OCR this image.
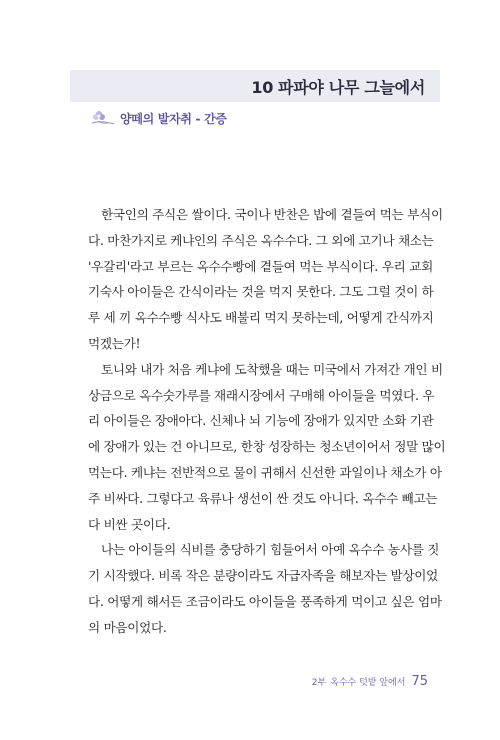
10 파파야 나무 그늘에서
양떼의 발자취 - 간증

한국인의 주식은 쌀이다. 국이나 반찬은 밥에 곁들여 먹는 부식이
다. 마찬가지로 케냐인의 주식은 옥수수다. 그 외에 고기나 채소는
'우갈리'라고 부르는 옥수수빵에 곁들여 먹는 부식이다. 우리 교회
기숙사 아이들은 간식이라는 것을 먹지 못한다. 그도 그럴 것이 하
루 세 끼 옥수수빵 식사도 배불리 먹지 못하는데, 어떻게 간식까지
먹겠는가!

토니와 내가 처음 케냐에 도착했을 때는 미국에서 가져간 개인 비
상금으로 옥수숫가루를 재래시장에서 구매해 아이들을 먹였다. 우
리 아이들은 장애아다. 신체나 뇌 기능에 장애가 있지만 소화 기관
에 장애가 있는 건 아니므로, 한창 성장하는 청소년이어서 정말 많이
먹는다. 케냐는 전반적으로 물이 귀해서 신선한 과일이나 채소가 아
주 비싸다. 그렇다고 육류나 생선이 싼 것도 아니다. 옥수수 빼고는
다 비싼 곳이다.

나는 아이들의 식비를 충당하기 힘들어서 아예 옥수수 농사를 짓
기 시작했다. 비록 작은 분량이라도 자급자족을 해보자는 발상이었
다. 어떻게 해서든 조금이라도 아이들을 풍족하게 먹이고 싶은 엄마
의 마음이었다.

2부 옥수수 텃밭 앞에서 75
